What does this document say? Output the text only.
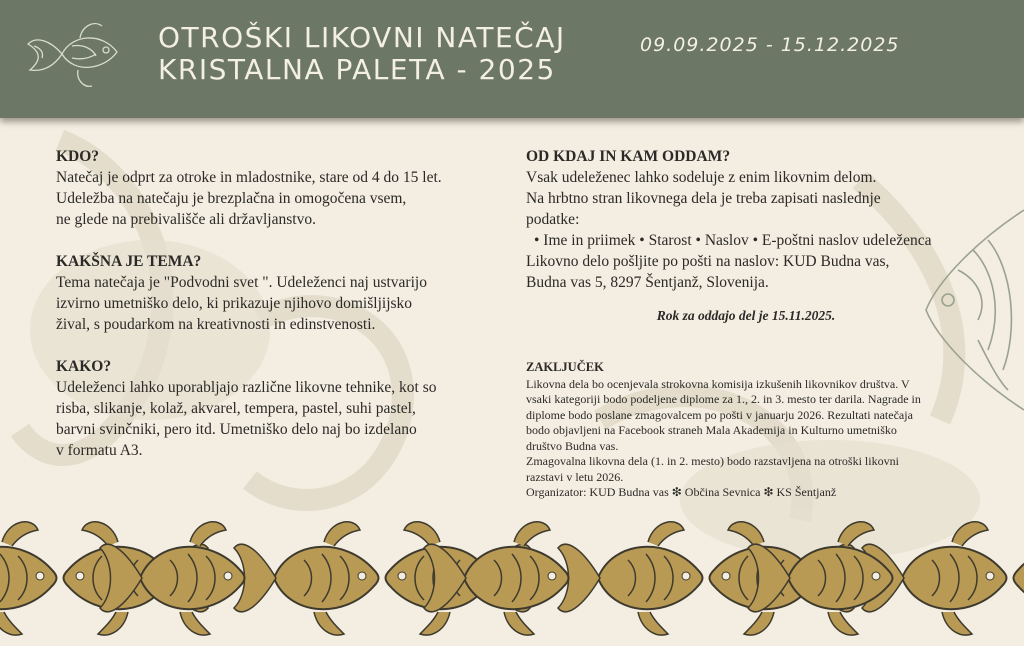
OTROŠKI LIKOVNI NATEČAJ
KRISTALNA PALETA - 2025
09.09.2025 - 15.12.2025
KDO?
Natečaj je odprt za otroke in mladostnike, stare od 4 do 15 let.
Udeležba na natečaju je brezplačna in omogočena vsem,
ne glede na prebivališče ali državljanstvo.
KAKŠNA JE TEMA?
Tema natečaja je "Podvodni svet ". Udeleženci naj ustvarijo
izvirno umetniško delo, ki prikazuje njihovo domišljijsko
žival, s poudarkom na kreativnosti in edinstvenosti.
KAKO?
Udeleženci lahko uporabljajo različne likovne tehnike, kot so
risba, slikanje, kolaž, akvarel, tempera, pastel, suhi pastel,
barvni svinčniki, pero itd. Umetniško delo naj bo izdelano
v formatu A3.
OD KDAJ IN KAM ODDAM?
Vsak udeleženec lahko sodeluje z enim likovnim delom.
Na hrbtno stran likovnega dela je treba zapisati naslednje
podatke:
• Ime in priimek • Starost • Naslov • E-poštni naslov udeleženca
Likovno delo pošljite po pošti na naslov: KUD Budna vas,
Budna vas 5, 8297 Šentjanž, Slovenija.
Rok za oddajo del je 15.11.2025.
ZAKLJUČEK
Likovna dela bo ocenjevala strokovna komisija izkušenih likovnikov društva. V
vsaki kategoriji bodo podeljene diplome za 1., 2. in 3. mesto ter darila. Nagrade in
diplome bodo poslane zmagovalcem po pošti v januarju 2026. Rezultati natečaja
bodo objavljeni na Facebook straneh Mala Akademija in Kulturno umetniško
društvo Budna vas.
Zmagovalna likovna dela (1. in 2. mesto) bodo razstavljena na otroški likovni
razstavi v letu 2026.
Organizator: KUD Budna vas ❇ Občina Sevnica ❇ KS Šentjanž
